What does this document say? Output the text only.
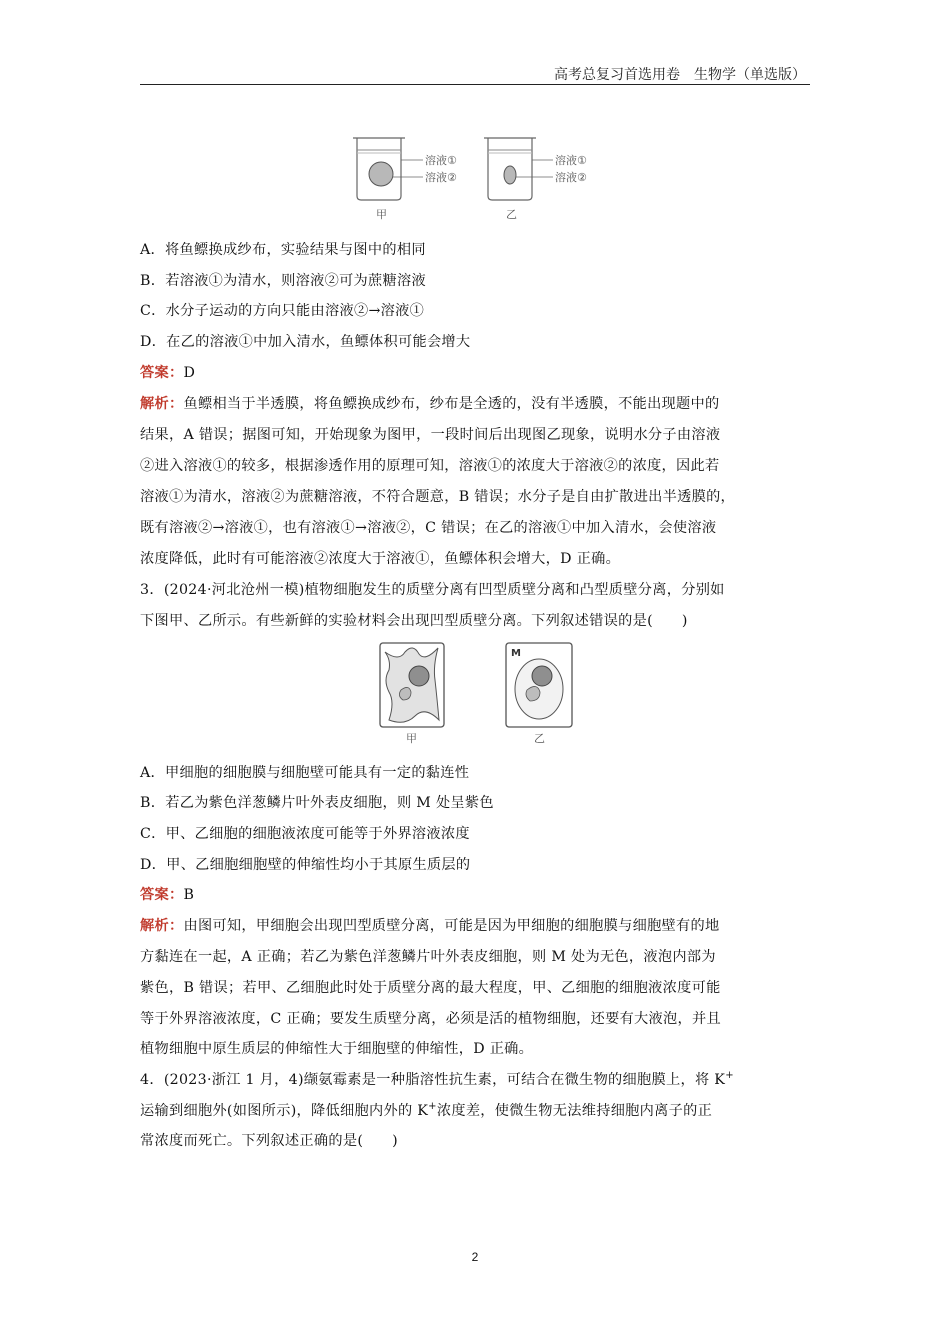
高考总复习首选用卷　生物学（单选版）
溶液①
溶液②
甲
溶液①
溶液②
乙
A．将鱼鳔换成纱布，实验结果与图中的相同
B．若溶液①为清水，则溶液②可为蔗糖溶液
C．水分子运动的方向只能由溶液②→溶液①
D．在乙的溶液①中加入清水，鱼鳔体积可能会增大
答案：D
解析：鱼鳔相当于半透膜，将鱼鳔换成纱布，纱布是全透的，没有半透膜，不能出现题中的
结果，A 错误；据图可知，开始现象为图甲，一段时间后出现图乙现象，说明水分子由溶液
②进入溶液①的较多，根据渗透作用的原理可知，溶液①的浓度大于溶液②的浓度，因此若
溶液①为清水，溶液②为蔗糖溶液，不符合题意，B 错误；水分子是自由扩散进出半透膜的，
既有溶液②→溶液①，也有溶液①→溶液②，C 错误；在乙的溶液①中加入清水，会使溶液
浓度降低，此时有可能溶液②浓度大于溶液①，鱼鳔体积会增大，D 正确。
3．(2024·河北沧州一模)植物细胞发生的质壁分离有凹型质壁分离和凸型质壁分离，分别如
下图甲、乙所示。有些新鲜的实验材料会出现凹型质壁分离。下列叙述错误的是(　　)
甲
M
乙
A．甲细胞的细胞膜与细胞壁可能具有一定的黏连性
B．若乙为紫色洋葱鳞片叶外表皮细胞，则 M 处呈紫色
C．甲、乙细胞的细胞液浓度可能等于外界溶液浓度
D．甲、乙细胞细胞壁的伸缩性均小于其原生质层的
答案：B
解析：由图可知，甲细胞会出现凹型质壁分离，可能是因为甲细胞的细胞膜与细胞壁有的地
方黏连在一起，A 正确；若乙为紫色洋葱鳞片叶外表皮细胞，则 M 处为无色，液泡内部为
紫色，B 错误；若甲、乙细胞此时处于质壁分离的最大程度，甲、乙细胞的细胞液浓度可能
等于外界溶液浓度，C 正确；要发生质壁分离，必须是活的植物细胞，还要有大液泡，并且
植物细胞中原生质层的伸缩性大于细胞壁的伸缩性，D 正确。
4．(2023·浙江 1 月，4)缬氨霉素是一种脂溶性抗生素，可结合在微生物的细胞膜上，将 K+
运输到细胞外(如图所示)，降低细胞内外的 K+浓度差，使微生物无法维持细胞内离子的正
常浓度而死亡。下列叙述正确的是(　　)
2
